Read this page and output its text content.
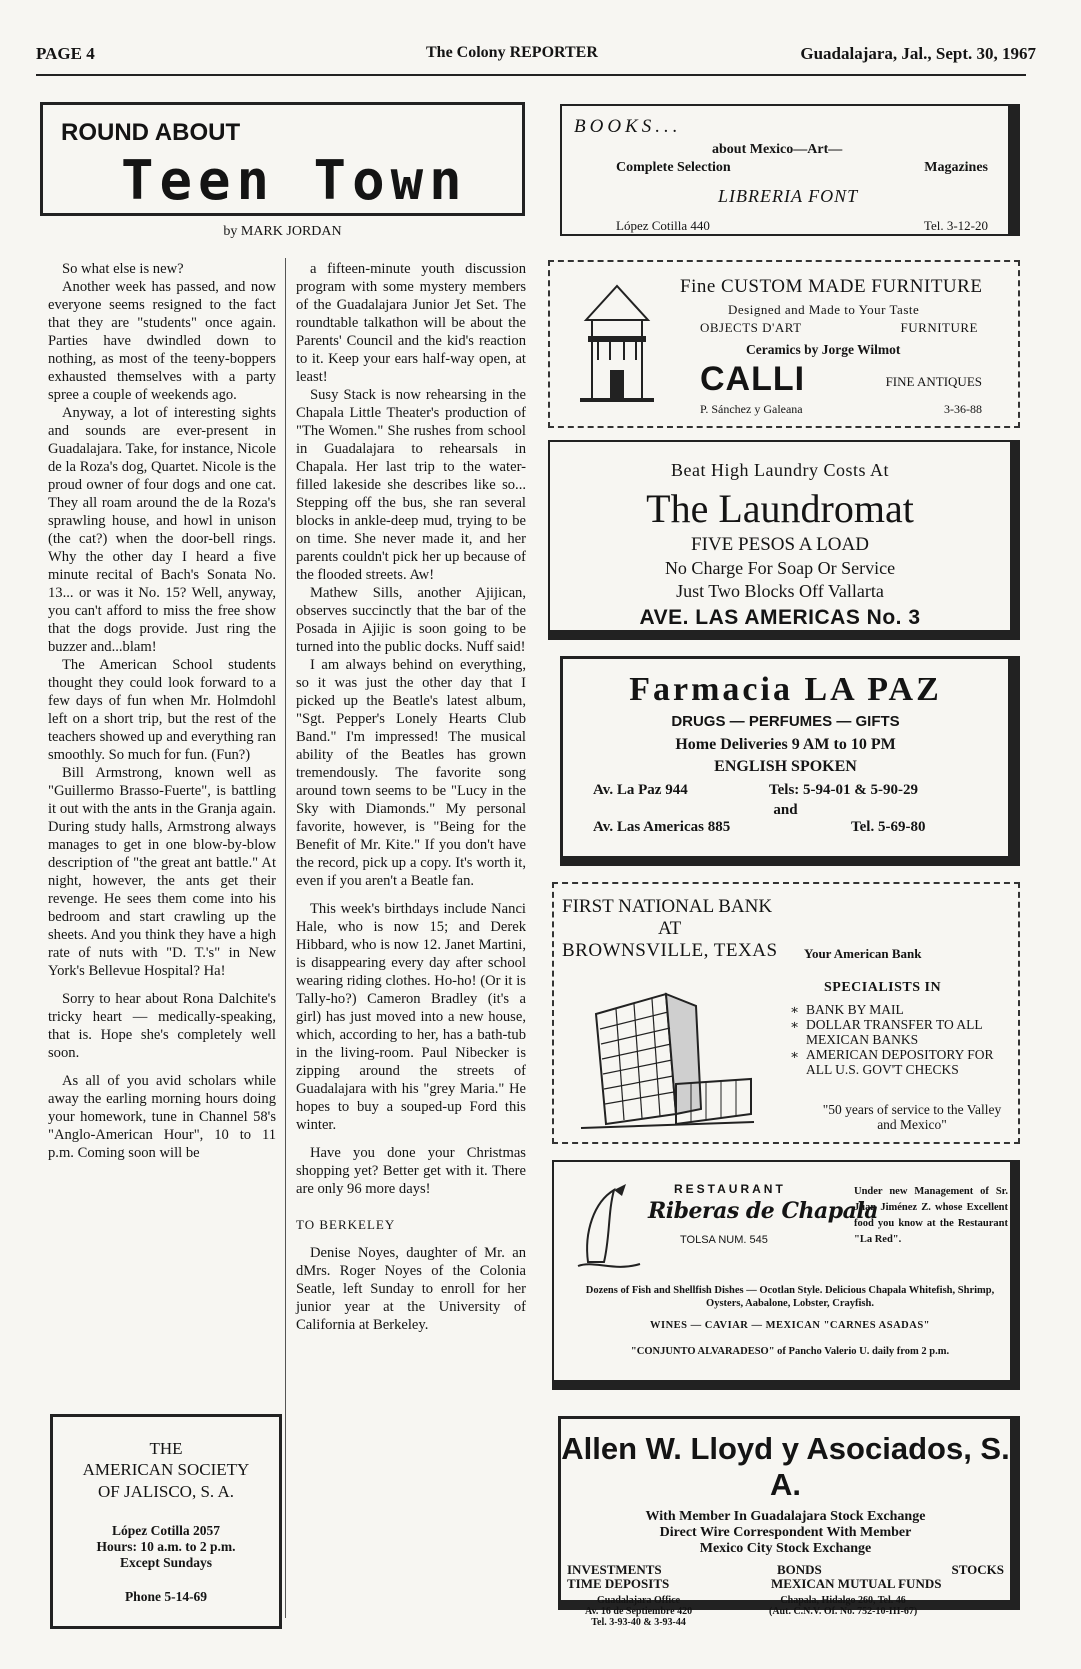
PAGE 4	The Colony REPORTER	Guadalajara, Jal., Sept. 30, 1967
ROUND ABOUT
Teen Town
by MARK JORDAN

So what else is new?

Another week has passed, and now everyone seems resigned to the fact that they are "students" once again. Parties have dwindled down to nothing, as most of the teeny-boppers exhausted themselves with a party spree a couple of weekends ago.

Anyway, a lot of interesting sights and sounds are ever-present in Guadalajara. Take, for instance, Nicole de la Roza's dog, Quartet. Nicole is the proud owner of four dogs and one cat. They all roam around the de la Roza's sprawling house, and howl in unison (the cat?) when the door-bell rings. Why the other day I heard a five minute recital of Bach's Sonata No. 13... or was it No. 15? Well, anyway, you can't afford to miss the free show that the dogs provide. Just ring the buzzer and...blam!

The American School students thought they could look forward to a few days of fun when Mr. Holmdohl left on a short trip, but the rest of the teachers showed up and everything ran smoothly. So much for fun. (Fun?)

Bill Armstrong, known well as "Guillermo Brasso-Fuerte", is battling it out with the ants in the Granja again. During study halls, Armstrong always manages to get in one blow-by-blow description of "the great ant battle." At night, however, the ants get their revenge. He sees them come into his bedroom and start crawling up the sheets. And you think they have a high rate of nuts with "D. T.'s" in New York's Bellevue Hospital? Ha!

Sorry to hear about Rona Dalchite's tricky heart — medically-speaking, that is. Hope she's completely well soon.

As all of you avid scholars while away the earling morning hours doing your homework, tune in Channel 58's "Anglo-American Hour", 10 to 11 p.m. Coming soon will be

a fifteen-minute youth discussion program with some mystery members of the Guadalajara Junior Jet Set. The roundtable talkathon will be about the Parents' Council and the kid's reaction to it. Keep your ears half-way open, at least!

Susy Stack is now rehearsing in the Chapala Little Theater's production of "The Women." She rushes from school in Guadalajara to rehearsals in Chapala. Her last trip to the water-filled lakeside she describes like so... Stepping off the bus, she ran several blocks in ankle-deep mud, trying to be on time. She never made it, and her parents couldn't pick her up because of the flooded streets. Aw!

Mathew Sills, another Ajijican, observes succinctly that the bar of the Posada in Ajijic is soon going to be turned into the public docks. Nuff said!

I am always behind on everything, so it was just the other day that I picked up the Beatle's latest album, "Sgt. Pepper's Lonely Hearts Club Band." I'm impressed! The musical ability of the Beatles has grown tremendously. The favorite song around town seems to be "Lucy in the Sky with Diamonds." My personal favorite, however, is "Being for the Benefit of Mr. Kite." If you don't have the record, pick up a copy. It's worth it, even if you aren't a Beatle fan.

This week's birthdays include Nanci Hale, who is now 15; and Derek Hibbard, who is now 12. Janet Martini, is disappearing every day after school wearing riding clothes. Ho-ho! (Or it is Tally-ho?) Cameron Bradley (it's a girl) has just moved into a new house, which, according to her, has a bath-tub in the living-room. Paul Nibecker is zipping around the streets of Guadalajara with his "grey Maria." He hopes to buy a souped-up Ford this winter.

Have you done your Christmas shopping yet? Better get with it. There are only 96 more days!

TO BERKELEY

Denise Noyes, daughter of Mr. an dMrs. Roger Noyes of the Colonia Seatle, left Sunday to enroll for her junior year at the University of California at Berkeley.

THE
AMERICAN SOCIETY
OF JALISCO, S. A.
López Cotilla 2057
Hours: 10 a.m. to 2 p.m.
Except Sundays
Phone 5-14-69
BOOKS...
about Mexico—Art—
Complete Selection	Magazines
LIBRERIA FONT
López Cotilla 440	Tel. 3-12-20
Fine CUSTOM MADE FURNITURE
Designed and Made to Your Taste
OBJECTS D'ART	FURNITURE
Ceramics by Jorge Wilmot
CALLI	FINE ANTIQUES
P. Sánchez y Galeana	3-36-88
Beat High Laundry Costs At
The Laundromat
FIVE PESOS A LOAD
No Charge For Soap Or Service
Just Two Blocks Off Vallarta
AVE. LAS AMERICAS No. 3
Farmacia LA PAZ
DRUGS — PERFUMES — GIFTS
Home Deliveries 9 AM to 10 PM
ENGLISH SPOKEN
Av. La Paz 944	Tels: 5-94-01 & 5-90-29
and
Av. Las Americas 885	Tel. 5-69-80
FIRST NATIONAL BANK
AT
BROWNSVILLE, TEXAS Your American Bank
SPECIALISTS IN
∗ BANK BY MAIL
∗ DOLLAR TRANSFER TO ALL MEXICAN BANKS
∗ AMERICAN DEPOSITORY FOR ALL U.S. GOV'T CHECKS
"50 years of service to the Valley and Mexico"
RESTAURANT
Riberas de Chapala
TOLSA NUM. 545
Under new Management of Sr. Juan Jiménez Z. whose Excellent food you know at the Restaurant "La Red".
Dozens of Fish and Shellfish Dishes — Ocotlan Style. Delicious Chapala Whitefish, Shrimp, Oysters, Aabalone, Lobster, Crayfish.
WINES — CAVIAR — MEXICAN "CARNES ASADAS"
"CONJUNTO ALVARADESO" of Pancho Valerio U. daily from 2 p.m.
Allen W. Lloyd y Asociados, S. A.
With Member In Guadalajara Stock Exchange
Direct Wire Correspondent With Member
Mexico City Stock Exchange
INVESTMENTS	BONDS	STOCKS
TIME DEPOSITS	MEXICAN MUTUAL FUNDS
Guadalajara Office
Av. 16 de Septiembre 420
Tel. 3-93-40 & 3-93-44
Chapala, Hidalgo 260, Tel. 46
(Aut. C.N.V. Of. No. 752-10-III-67)
